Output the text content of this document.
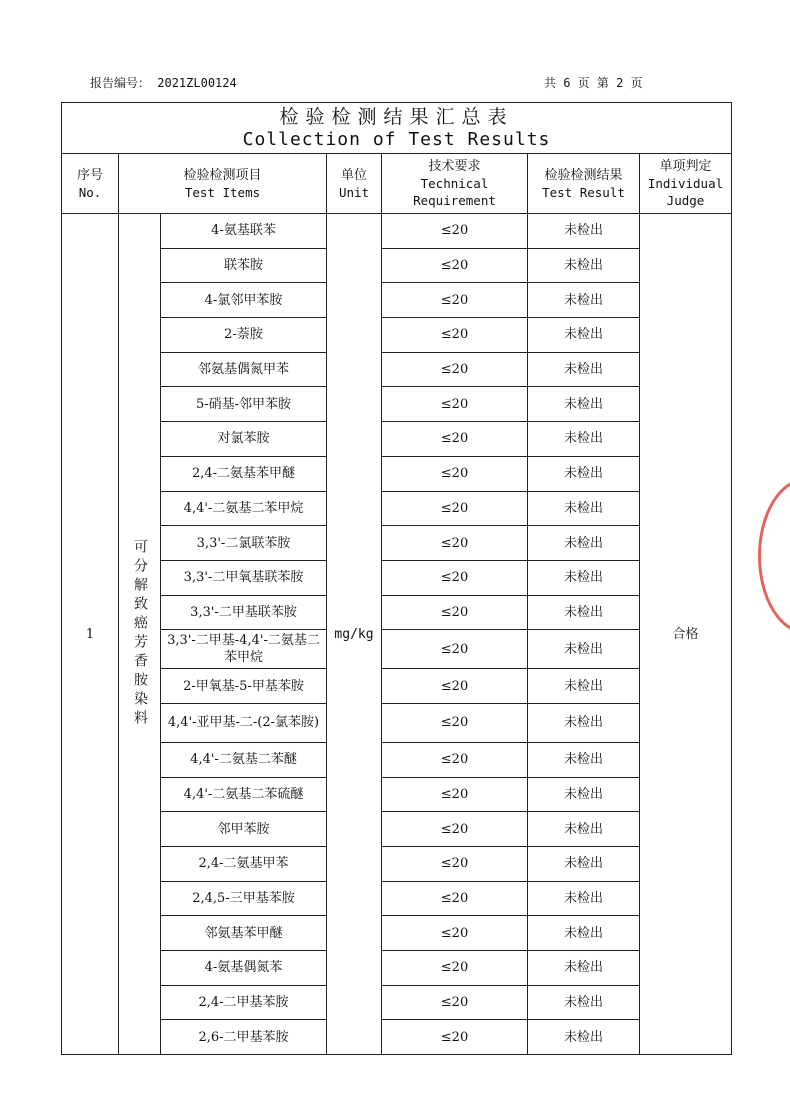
报告编号： 2021ZL00124	共 6 页 第 2 页
检验检测结果汇总表
Collection of Test Results						

序号
No.	检验检测项目
Test Items		单位
Unit	技术要求
Technical
Requirement	检验检测结果
Test Result	单项判定
Individual
Judge

1	可分解致癌芳香胺染料	4-氨基联苯	mg/kg	≤20	未检出	合格
		联苯胺		≤20	未检出	
		4-氯邻甲苯胺		≤20	未检出	
		2-萘胺		≤20	未检出	
		邻氨基偶氮甲苯		≤20	未检出	
		5-硝基-邻甲苯胺		≤20	未检出	
		对氯苯胺		≤20	未检出	
		2,4-二氨基苯甲醚		≤20	未检出	
		4,4'-二氨基二苯甲烷		≤20	未检出	
		3,3'-二氯联苯胺		≤20	未检出	
		3,3'-二甲氧基联苯胺		≤20	未检出	
		3,3'-二甲基联苯胺		≤20	未检出	
		3,3'-二甲基-4,4'-二氨基二苯甲烷		≤20	未检出	
		2-甲氧基-5-甲基苯胺		≤20	未检出	
		4,4'-亚甲基-二-(2-氯苯胺)		≤20	未检出	
		4,4'-二氨基二苯醚		≤20	未检出	
		4,4'-二氨基二苯硫醚		≤20	未检出	
		邻甲苯胺		≤20	未检出	
		2,4-二氨基甲苯		≤20	未检出	
		2,4,5-三甲基苯胺		≤20	未检出	
		邻氨基苯甲醚		≤20	未检出	
		4-氨基偶氮苯		≤20	未检出	
		2,4-二甲基苯胺		≤20	未检出	
		2,6-二甲基苯胺		≤20	未检出	
